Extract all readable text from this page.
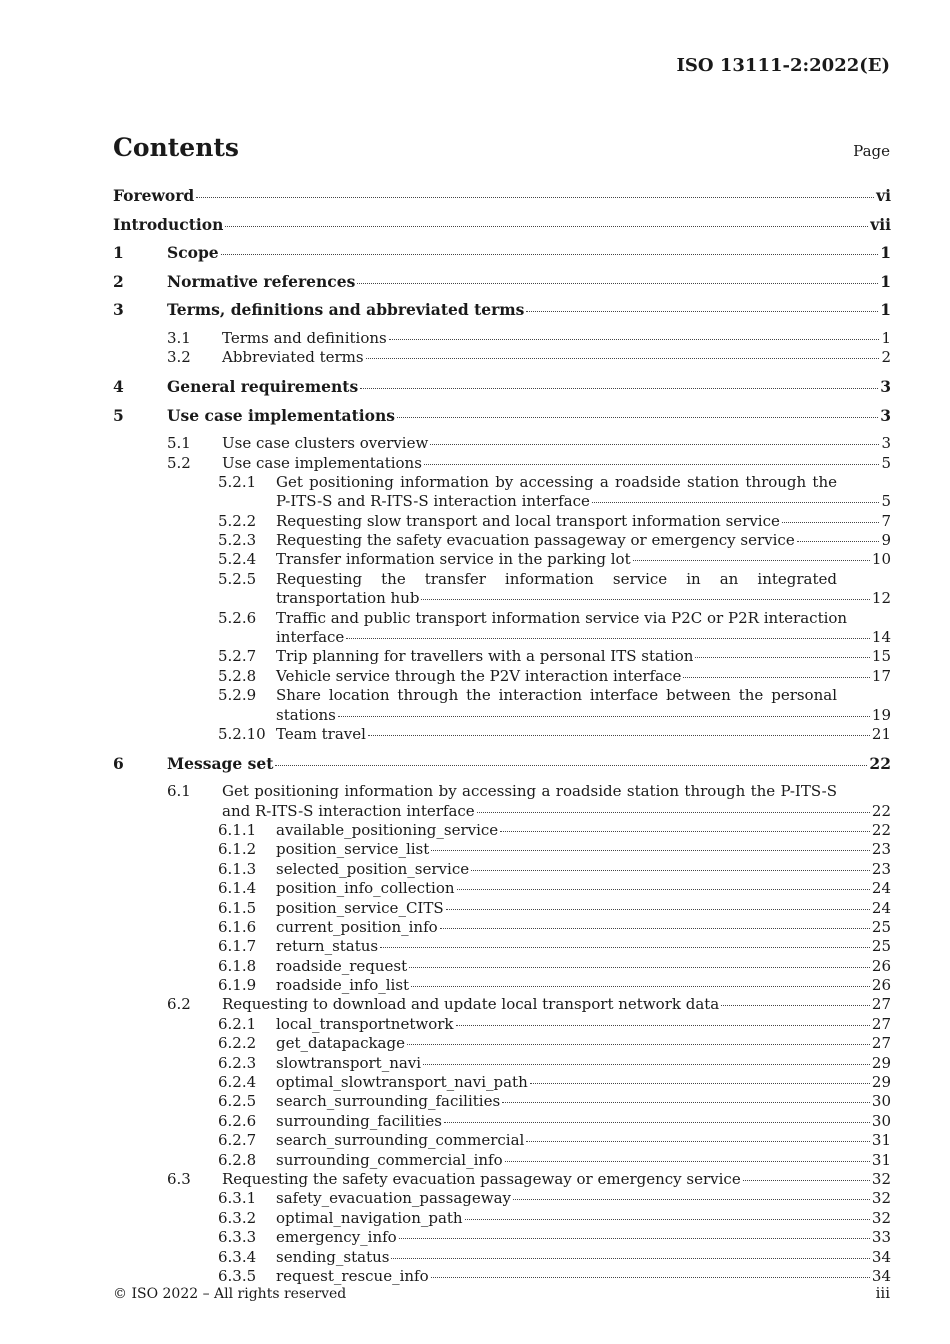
ISO 13111-2:2022(E)
Contents	Page
Foreword	vi
Introduction	vii
1	Scope	1
2	Normative references	1
3	Terms, definitions and abbreviated terms	1
3.1 Terms and definitions	1
3.2 Abbreviated terms	2
4	General requirements	3
5	Use case implementations	3
5.1 Use case clusters overview	3
5.2 Use case implementations	5
5.2.1 Get positioning information by accessing a roadside station through the
P-ITS-S and R-ITS-S interaction interface	5
5.2.2 Requesting slow transport and local transport information service	7
5.2.3 Requesting the safety evacuation passageway or emergency service	9
5.2.4 Transfer information service in the parking lot	10
5.2.5 Requesting the transfer information service in an integrated
transportation hub	12
5.2.6 Traffic and public transport information service via P2C or P2R interaction
interface	14
5.2.7 Trip planning for travellers with a personal ITS station	15
5.2.8 Vehicle service through the P2V interaction interface	17
5.2.9 Share location through the interaction interface between the personal
stations	19
5.2.10 Team travel	21
6	Message set	22
6.1 Get positioning information by accessing a roadside station through the P-ITS-S
and R-ITS-S interaction interface	22
6.1.1 available_positioning_service	22
6.1.2 position_service_list	23
6.1.3 selected_position_service	23
6.1.4 position_info_collection	24
6.1.5 position_service_CITS	24
6.1.6 current_position_info	25
6.1.7 return_status	25
6.1.8 roadside_request	26
6.1.9 roadside_info_list	26
6.2 Requesting to download and update local transport network data	27
6.2.1 local_transportnetwork	27
6.2.2 get_datapackage	27
6.2.3 slowtransport_navi	29
6.2.4 optimal_slowtransport_navi_path	29
6.2.5 search_surrounding_facilities	30
6.2.6 surrounding_facilities	30
6.2.7 search_surrounding_commercial	31
6.2.8 surrounding_commercial_info	31
6.3 Requesting the safety evacuation passageway or emergency service	32
6.3.1 safety_evacuation_passageway	32
6.3.2 optimal_navigation_path	32
6.3.3 emergency_info	33
6.3.4 sending_status	34
6.3.5 request_rescue_info	34
© ISO 2022 – All rights reserved	iii
